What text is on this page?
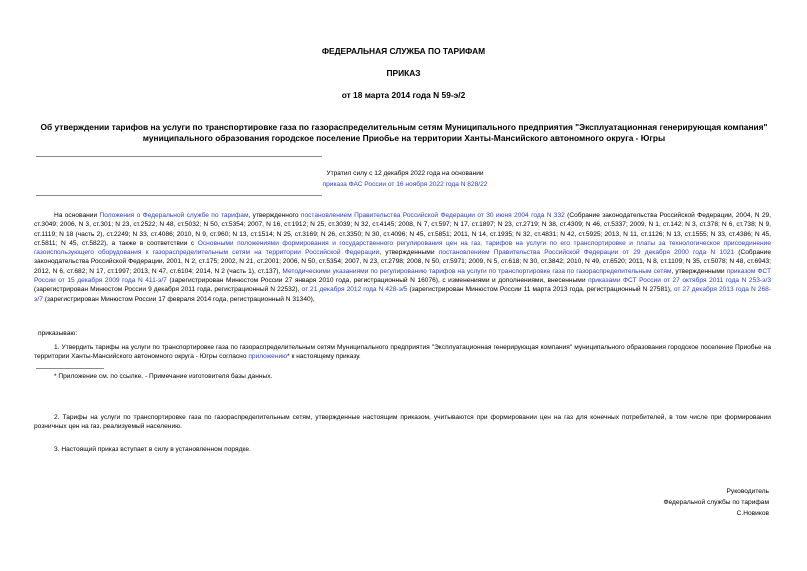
ФЕДЕРАЛЬНАЯ СЛУЖБА ПО ТАРИФАМ
ПРИКАЗ
от 18 марта 2014 года N 59-э/2
Об утверждении тарифов на услуги по транспортировке газа по газораспределительным сетям Муниципального предприятия "Эксплуатационная генерирующая компания" муниципального образования городское поселение Приобье на территории Ханты-Мансийского автономного округа - Югры
Утратил силу с 12 декабря 2022 года на основании
приказа ФАС России от 16 ноября 2022 года N 828/22
На основании Положения о Федеральной службе по тарифам, утвержденного постановлением Правительства Российской Федерации от 30 июня 2004 года N 332 (Собрание законодательства Российской Федерации, 2004, N 29, ст.3049; 2006, N 3, ст.301; N 23, ст.2522; N 48, ст.5032; N 50, ст.5354; 2007, N 16, ст.1912; N 25, ст.3039; N 32, ст.4145; 2008, N 7, ст.597; N 17, ст.1897; N 23, ст.2719; N 38, ст.4309; N 46, ст.5337; 2009, N 1, ст.142; N 3, ст.378; N 6, ст.738; N 9, ст.1119; N 18 (часть 2), ст.2249; N 33, ст.4086; 2010, N 9, ст.960; N 13, ст.1514; N 25, ст.3169; N 26, ст.3350; N 30, ст.4096; N 45, ст.5851; 2011, N 14, ст.1935; N 32, ст.4831; N 42, ст.5925; 2013, N 11, ст.1126; N 13, ст.1555; N 33, ст.4386; N 45, ст.5811; N 45, ст.5822), а также в соответствии с Основными положениями формирования и государственного регулирования цен на газ, тарифов на услуги по его транспортировке и платы за технологическое присоединение газоиспользующего оборудования к газораспределительным сетям на территории Российской Федерации, утвержденными постановлением Правительства Российской Федерации от 29 декабря 2000 года N 1021 (Собрание законодательства Российской Федерации, 2001, N 2, ст.175; 2002, N 21, ст.2001; 2006, N 50, ст.5354; 2007, N 23, ст.2798; 2008, N 50, ст.5971; 2009, N 5, ст.618; N 30, ст.3842; 2010, N 49, ст.6520; 2011, N 8, ст.1109; N 35, ст.5078; N 48, ст.6943; 2012, N 6, ст.682; N 17, ст.1997; 2013, N 47, ст.6104; 2014, N 2 (часть 1), ст.137), Методическими указаниями по регулированию тарифов на услуги по транспортировке газа по газораспределительным сетям, утвержденными приказом ФСТ России от 15 декабря 2009 года N 411-э/7 (зарегистрирован Минюстом России 27 января 2010 года, регистрационный N 16076), с изменениями и дополнениями, внесенными приказами ФСТ России от 27 октября 2011 года N 253-э/3 (зарегистрирован Минюстом России 9 декабря 2011 года, регистрационный N 22532), от 21 декабря 2012 года N 428-э/5 (зарегистрирован Минюстом России 11 марта 2013 года, регистрационный N 27581), от 27 декабря 2013 года N 268-э/7 (зарегистрирован Минюстом России 17 февраля 2014 года, регистрационный N 31340),
приказываю:
1. Утвердить тарифы на услуги по транспортировке газа по газораспределительным сетям Муниципального предприятия "Эксплуатационная генерирующая компания" муниципального образования городское поселение Приобье на территории Ханты-Мансийского автономного округа - Югры согласно приложению* к настоящему приказу.
* Приложение см. по ссылке. - Примечание изготовителя базы данных.
2. Тарифы на услуги по транспортировке газа по газораспределительным сетям, утвержденные настоящим приказом, учитываются при формировании цен на газ для конечных потребителей, в том числе при формировании розничных цен на газ, реализуемый населению.
3. Настоящий приказ вступает в силу в установленном порядке.
Руководитель
Федеральной службы по тарифам
С.Новиков
